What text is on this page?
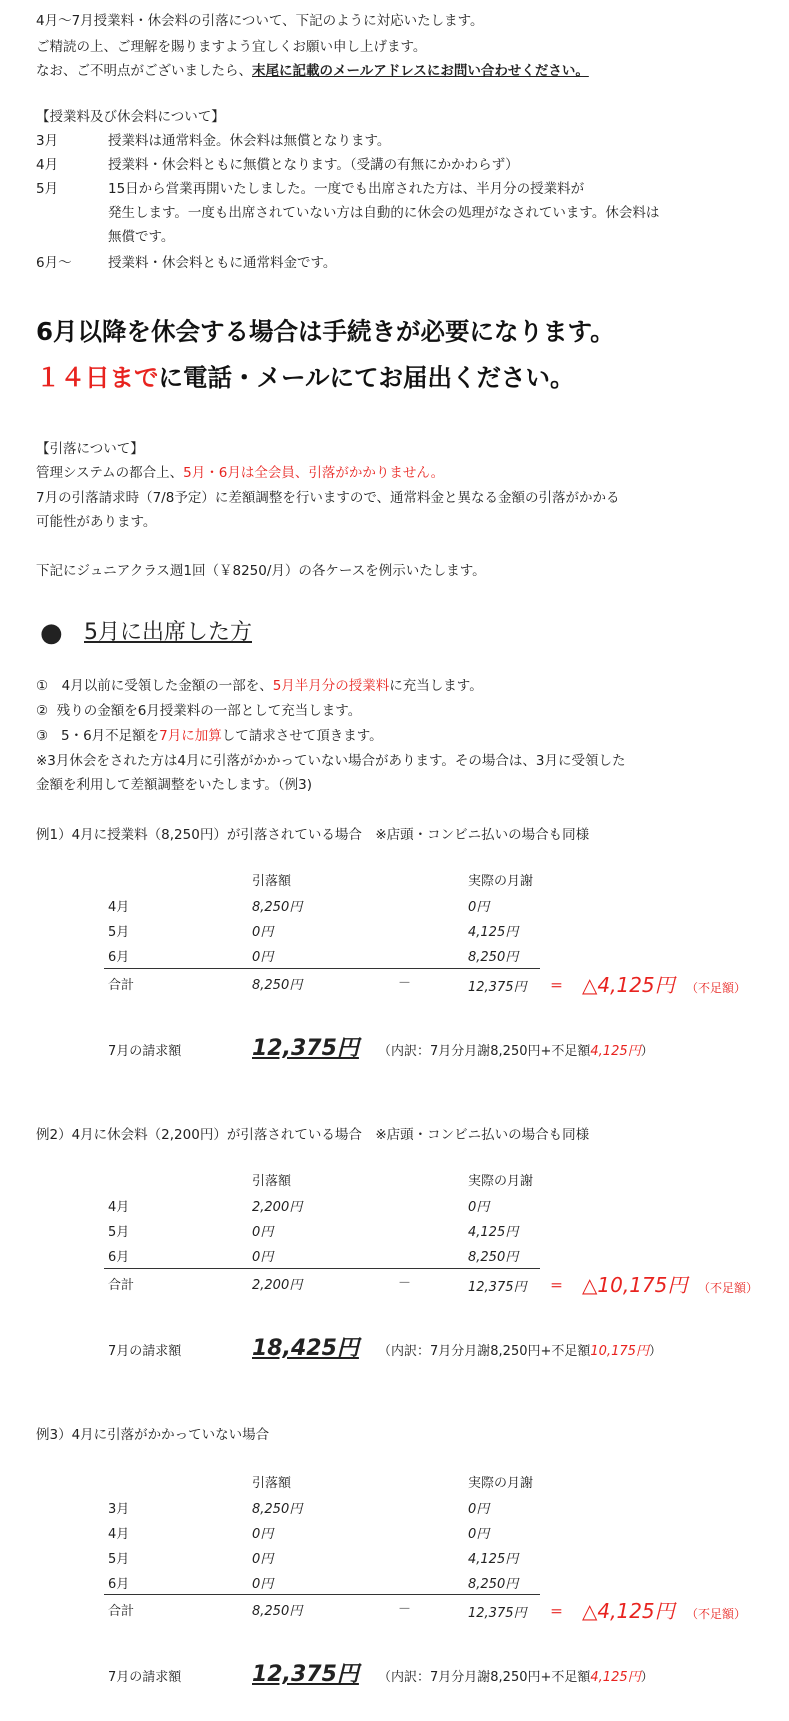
4月～7月授業料・休会料の引落について、下記のように対応いたします。
ご精読の上、ご理解を賜りますよう宜しくお願い申し上げます。
なお、ご不明点がございましたら、末尾に記載のメールアドレスにお問い合わせください。
【授業料及び休会料について】
3月	授業料は通常料金。休会料は無償となります。
4月	授業料・休会料ともに無償となります。（受講の有無にかかわらず）
5月	15日から営業再開いたしました。一度でも出席された方は、半月分の授業料が
発生します。一度も出席されていない方は自動的に休会の処理がなされています。休会料は
無償です。
6月～	授業料・休会料ともに通常料金です。
6月以降を休会する場合は手続きが必要になります。
１４日までに電話・メールにてお届出ください。
【引落について】
管理システムの都合上、5月・6月は全会員、引落がかかりません。
7月の引落請求時（7/8予定）に差額調整を行いますので、通常料金と異なる金額の引落がかかる
可能性があります。
下記にジュニアクラス週1回（￥8250/月）の各ケースを例示いたします。
● 5月に出席した方
①　4月以前に受領した金額の一部を、5月半月分の授業料に充当します。
② 残りの金額を6月授業料の一部として充当します。
③ 5・6月不足額を7月に加算して請求させて頂きます。
※3月休会をされた方は4月に引落がかかっていない場合があります。その場合は、3月に受領した
金額を利用して差額調整をいたします。（例3)
例1）4月に授業料（8,250円）が引落されている場合　※店頭・コンビニ払いの場合も同様
引落額	実際の月謝
4月	8,250円	0円
5月	0円	4,125円
6月	0円	8,250円
合計	8,250円	－	12,375円 ＝ △4,125円 （不足額）
7月の請求額	12,375円 （内訳：7月分月謝8,250円+不足額4,125円）
例2）4月に休会料（2,200円）が引落されている場合　※店頭・コンビニ払いの場合も同様
引落額	実際の月謝
4月	2,200円	0円
5月	0円	4,125円
6月	0円	8,250円
合計	2,200円	－	12,375円 ＝ △10,175円 （不足額）
7月の請求額	18,425円 （内訳：7月分月謝8,250円+不足額10,175円）
例3）4月に引落がかかっていない場合
引落額	実際の月謝
3月	8,250円	0円
4月	0円	0円
5月	0円	4,125円
6月	0円	8,250円
合計	8,250円	－	12,375円 ＝ △4,125円 （不足額）
7月の請求額	12,375円 （内訳：7月分月謝8,250円+不足額4,125円）
